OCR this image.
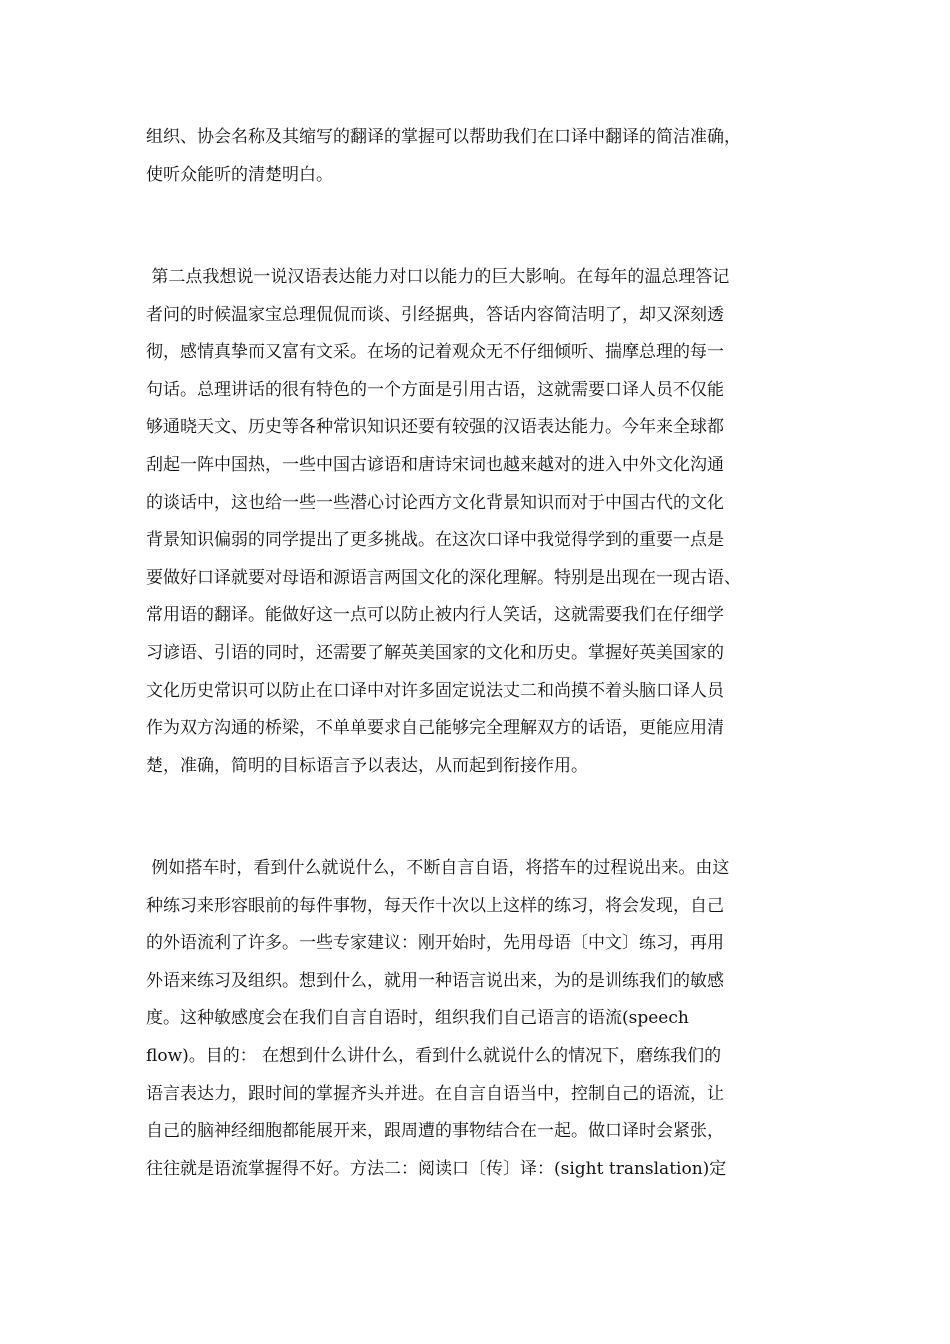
组织、协会名称及其缩写的翻译的掌握可以帮助我们在口译中翻译的简洁准确，
使听众能听的清楚明白。
第二点我想说一说汉语表达能力对口以能力的巨大影响。在每年的温总理答记
者问的时候温家宝总理侃侃而谈、引经据典，答话内容简洁明了，却又深刻透
彻，感情真挚而又富有文采。在场的记着观众无不仔细倾听、揣摩总理的每一
句话。总理讲话的很有特色的一个方面是引用古语，这就需要口译人员不仅能
够通晓天文、历史等各种常识知识还要有较强的汉语表达能力。今年来全球都
刮起一阵中国热，一些中国古谚语和唐诗宋词也越来越对的进入中外文化沟通
的谈话中，这也给一些一些潜心讨论西方文化背景知识而对于中国古代的文化
背景知识偏弱的同学提出了更多挑战。在这次口译中我觉得学到的重要一点是
要做好口译就要对母语和源语言两国文化的深化理解。特别是出现在一现古语、
常用语的翻译。能做好这一点可以防止被内行人笑话，这就需要我们在仔细学
习谚语、引语的同时，还需要了解英美国家的文化和历史。掌握好英美国家的
文化历史常识可以防止在口译中对许多固定说法丈二和尚摸不着头脑口译人员
作为双方沟通的桥梁，不单单要求自己能够完全理解双方的话语，更能应用清
楚，准确，简明的目标语言予以表达，从而起到衔接作用。
例如搭车时，看到什么就说什么，不断自言自语，将搭车的过程说出来。由这
种练习来形容眼前的每件事物，每天作十次以上这样的练习，将会发现，自己
的外语流利了许多。一些专家建议：刚开始时，先用母语〔中文〕练习，再用
外语来练习及组织。想到什么，就用一种语言说出来，为的是训练我们的敏感
度。这种敏感度会在我们自言自语时，组织我们自己语言的语流(speech
flow)。目的： 在想到什么讲什么，看到什么就说什么的情况下，磨练我们的
语言表达力，跟时间的掌握齐头并进。在自言自语当中，控制自己的语流，让
自己的脑神经细胞都能展开来，跟周遭的事物结合在一起。做口译时会紧张，
往往就是语流掌握得不好。方法二：阅读口〔传〕译：(sight translation)定
